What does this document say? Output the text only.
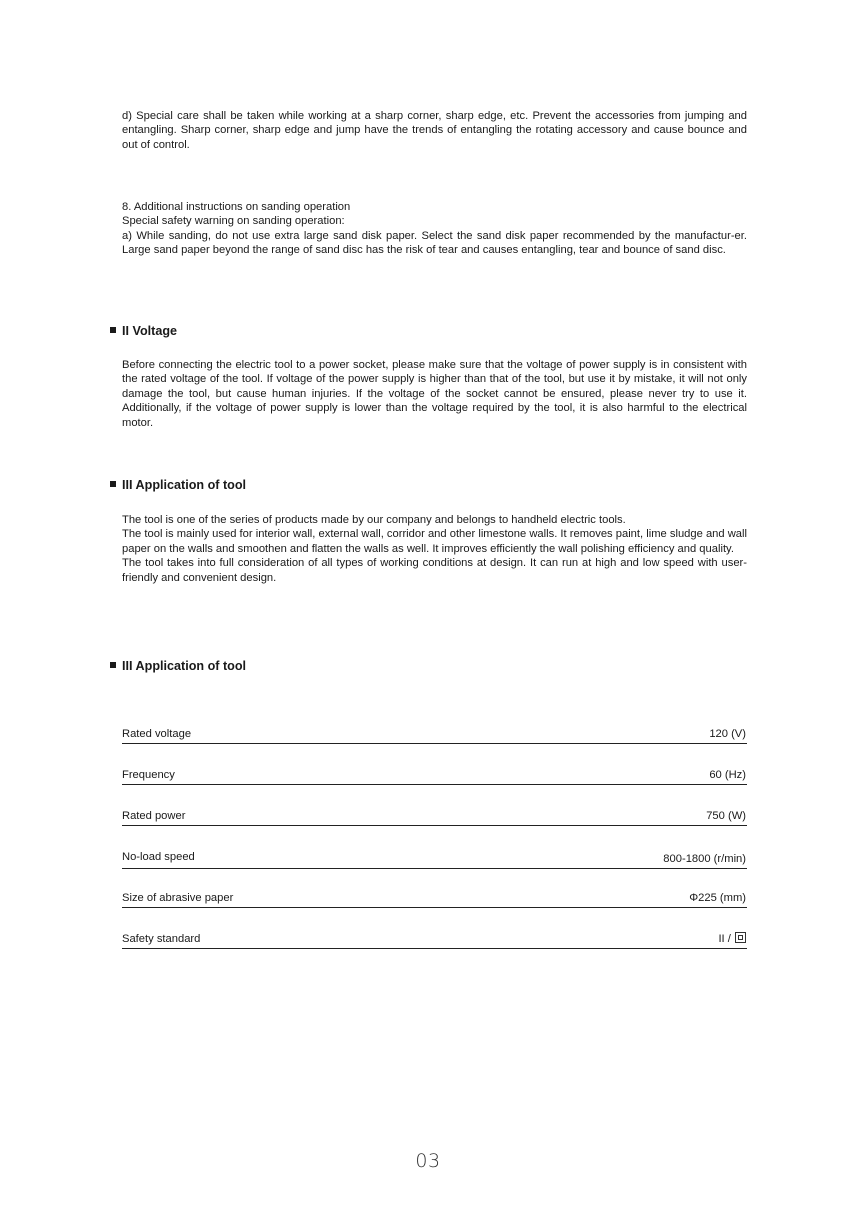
d) Special care shall be taken while working at a sharp corner, sharp edge, etc. Prevent the accessories from jumping and entangling. Sharp corner, sharp edge and jump have the trends of entangling the rotating accessory and cause bounce and out of control.

8. Additional instructions on sanding operation

Special safety warning on sanding operation:

a) While sanding, do not use extra large sand disk paper. Select the sand disk paper recommended by the manufactur-er. Large sand paper beyond the range of sand disc has the risk of tear and causes entangling, tear and bounce of sand disc.

II Voltage

Before connecting the electric tool to a power socket, please make sure that the voltage of power supply is in consistent with the rated voltage of the tool. If voltage of the power supply is higher than that of the tool, but use it by mistake, it will not only damage the tool, but cause human injuries. If the voltage of the socket cannot be ensured, please never try to use it. Additionally, if the voltage of power supply is lower than the voltage required by the tool, it is also harmful to the electrical motor.

III Application of tool

The tool is one of the series of products made by our company and belongs to handheld electric tools.

The tool is mainly used for interior wall, external wall, corridor and other limestone walls. It removes paint, lime sludge and wall paper on the walls and smoothen and flatten the walls as well. It improves efficiently the wall polishing efficiency and quality.

The tool takes into full consideration of all types of working conditions at design. It can run at high and low speed with user-friendly and convenient design.

III Application of tool
Rated voltage	120 (V)
Frequency	60 (Hz)
Rated power	750 (W)
No-load speed	800-1800 (r/min)
Size of abrasive paper	Φ225 (mm)
Safety standard	II /
03
